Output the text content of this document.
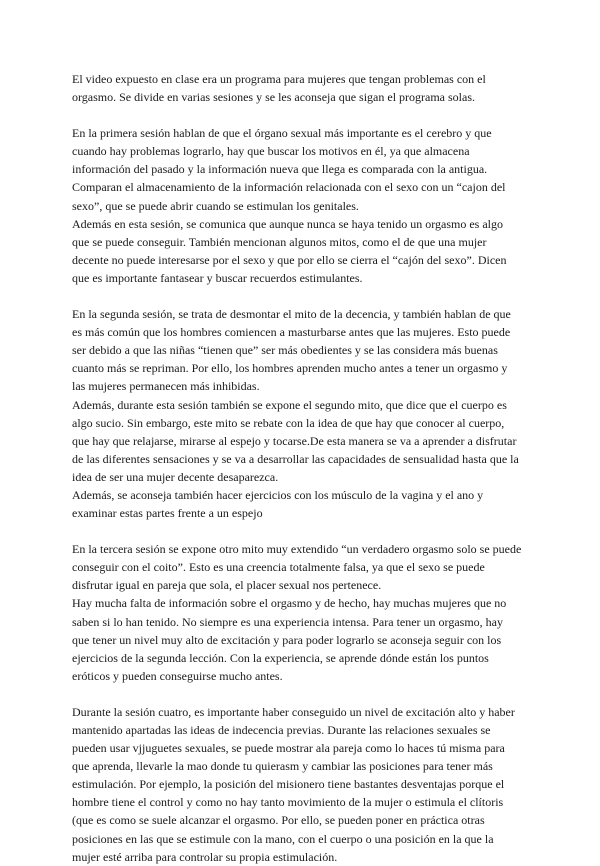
El video expuesto en clase era un programa para mujeres que tengan problemas con el orgasmo. Se divide en varias sesiones y se les aconseja que sigan el programa solas.

En la primera sesión hablan de que el órgano sexual más importante es el cerebro y que cuando hay problemas lograrlo, hay que buscar los motivos en él, ya que almacena información del pasado y la información nueva que llega es comparada con la antigua. Comparan el almacenamiento de la información relacionada con el sexo con un “cajon del sexo”, que se puede abrir cuando se estimulan los genitales.

Además en esta sesión, se comunica que aunque nunca se haya tenido un orgasmo es algo que se puede conseguir. También mencionan algunos mitos, como el de que una mujer decente no puede interesarse por el sexo y que por ello se cierra el “cajón del sexo”. Dicen que es importante fantasear y buscar recuerdos estimulantes.

En la segunda sesión, se trata de desmontar el mito de la decencia, y también hablan de que es más común que los hombres comiencen a masturbarse antes que las mujeres. Esto puede ser debido a que las niñas “tienen que” ser más obedientes y se las considera más buenas cuanto más se repriman. Por ello, los hombres aprenden mucho antes a tener un orgasmo y las mujeres permanecen más inhibidas.

Además, durante esta sesión también se expone el segundo mito, que dice que el cuerpo es algo sucio. Sin embargo, este mito se rebate con la idea de que hay que conocer al cuerpo, que hay que relajarse, mirarse al espejo y tocarse.De esta manera se va a aprender a disfrutar de las diferentes sensaciones y se va a desarrollar las capacidades de sensualidad hasta que la idea de ser una mujer decente desaparezca.

Además, se aconseja también hacer ejercicios con los músculo de la vagina y el ano y examinar estas partes frente a un espejo

En la tercera sesión se expone otro mito muy extendido “un verdadero orgasmo solo se puede conseguir con el coito”. Esto es una creencia totalmente falsa, ya que el sexo se puede disfrutar igual en pareja que sola, el placer sexual nos pertenece.

Hay mucha falta de información sobre el orgasmo y de hecho, hay muchas mujeres que no saben si lo han tenido. No siempre es una experiencia intensa. Para tener un orgasmo, hay que tener un nivel muy alto de excitación y para poder lograrlo se aconseja seguir con los ejercicios de la segunda lección. Con la experiencia, se aprende dónde están los puntos eróticos y pueden conseguirse mucho antes.

Durante la sesión cuatro, es importante haber conseguido un nivel de excitación alto y haber mantenido apartadas las ideas de indecencia previas. Durante las relaciones sexuales se pueden usar vjjuguetes sexuales, se puede mostrar ala pareja como lo haces tú misma para que aprenda, llevarle la mao donde tu quierasm y cambiar las posiciones para tener más estimulación. Por ejemplo, la posición del misionero tiene bastantes desventajas porque el hombre tiene el control y como no hay tanto movimiento de la mujer o estimula el clítoris (que es como se suele alcanzar el orgasmo. Por ello, se pueden poner en práctica otras posiciones en las que se estimule con la mano, con el cuerpo o una posición en la que la mujer esté arriba para controlar su propia estimulación.
